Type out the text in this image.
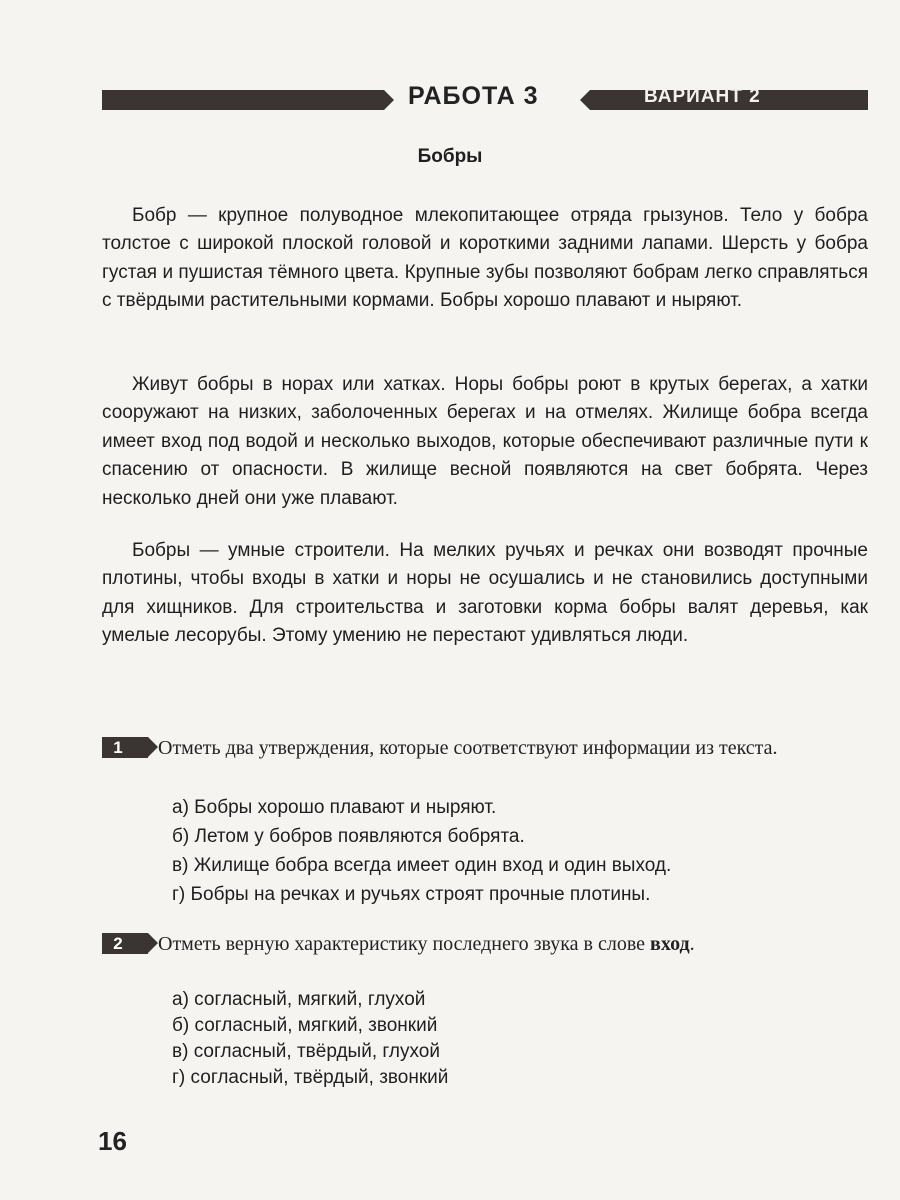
РАБОТА 3	ВАРИАНТ 2
Бобры
Бобр — крупное полуводное млекопитающее отряда грызунов. Тело у бобра толстое с широкой плоской головой и короткими задними лапами. Шерсть у бобра густая и пушистая тёмного цвета. Крупные зубы позволяют бобрам легко справляться с твёрдыми растительными кормами. Бобры хорошо плавают и ныряют.
Живут бобры в норах или хатках. Норы бобры роют в крутых берегах, а хатки сооружают на низких, заболоченных берегах и на отмелях. Жилище бобра всегда имеет вход под водой и несколько выходов, которые обеспечивают различные пути к спасению от опасности. В жилище весной появляются на свет бобрята. Через несколько дней они уже плавают.
Бобры — умные строители. На мелких ручьях и речках они возводят прочные плотины, чтобы входы в хатки и норы не осушались и не становились доступными для хищников. Для строительства и заготовки корма бобры валят деревья, как умелые лесорубы. Этому умению не перестают удивляться люди.
1	Отметь два утверждения, которые соответствуют информации из текста.
а) Бобры хорошо плавают и ныряют.
б) Летом у бобров появляются бобрята.
в) Жилище бобра всегда имеет один вход и один выход.
г) Бобры на речках и ручьях строят прочные плотины.
2	Отметь верную характеристику последнего звука в слове вход.
а) согласный, мягкий, глухой
б) согласный, мягкий, звонкий
в) согласный, твёрдый, глухой
г) согласный, твёрдый, звонкий
16
